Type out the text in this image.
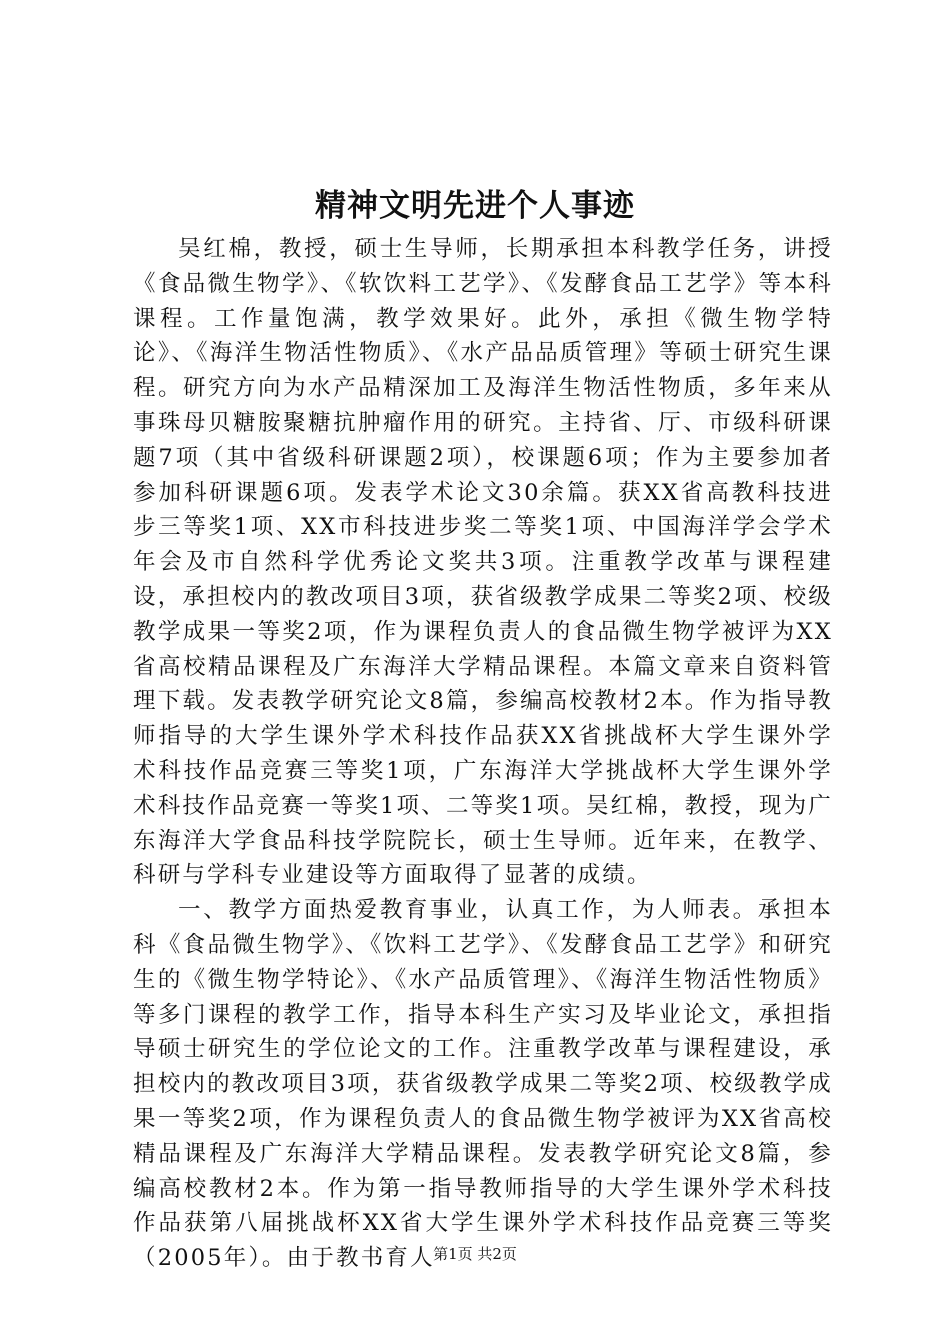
精神文明先进个人事迹

吴红棉，教授，硕士生导师，长期承担本科教学任务，讲授《食品微生物学》、《软饮料工艺学》、《发酵食品工艺学》等本科课程。工作量饱满，教学效果好。此外，承担《微生物学特论》、《海洋生物活性物质》、《水产品品质管理》等硕士研究生课程。研究方向为水产品精深加工及海洋生物活性物质，多年来从事珠母贝糖胺聚糖抗肿瘤作用的研究。主持省、厅、市级科研课题7项（其中省级科研课题2项），校课题6项；作为主要参加者参加科研课题6项。发表学术论文30余篇。获XX省高教科技进步三等奖1项、XX市科技进步奖二等奖1项、中国海洋学会学术年会及市自然科学优秀论文奖共3项。注重教学改革与课程建设，承担校内的教改项目3项，获省级教学成果二等奖2项、校级教学成果一等奖2项，作为课程负责人的食品微生物学被评为XX省高校精品课程及广东海洋大学精品课程。本篇文章来自资料管理下载。发表教学研究论文8篇，参编高校教材2本。作为指导教师指导的大学生课外学术科技作品获XX省挑战杯大学生课外学术科技作品竞赛三等奖1项，广东海洋大学挑战杯大学生课外学术科技作品竞赛一等奖1项、二等奖1项。吴红棉，教授，现为广东海洋大学食品科技学院院长，硕士生导师。近年来，在教学、科研与学科专业建设等方面取得了显著的成绩。

一、教学方面热爱教育事业，认真工作，为人师表。承担本科《食品微生物学》、《饮料工艺学》、《发酵食品工艺学》和研究生的《微生物学特论》、《水产品质管理》、《海洋生物活性物质》等多门课程的教学工作，指导本科生产实习及毕业论文，承担指导硕士研究生的学位论文的工作。注重教学改革与课程建设，承担校内的教改项目3项，获省级教学成果二等奖2项、校级教学成果一等奖2项，作为课程负责人的食品微生物学被评为XX省高校精品课程及广东海洋大学精品课程。发表教学研究论文8篇，参编高校教材2本。作为第一指导教师指导的大学生课外学术科技作品获第八届挑战杯XX省大学生课外学术科技作品竞赛三等奖（2005年）。由于教书育人

第1页 共2页
